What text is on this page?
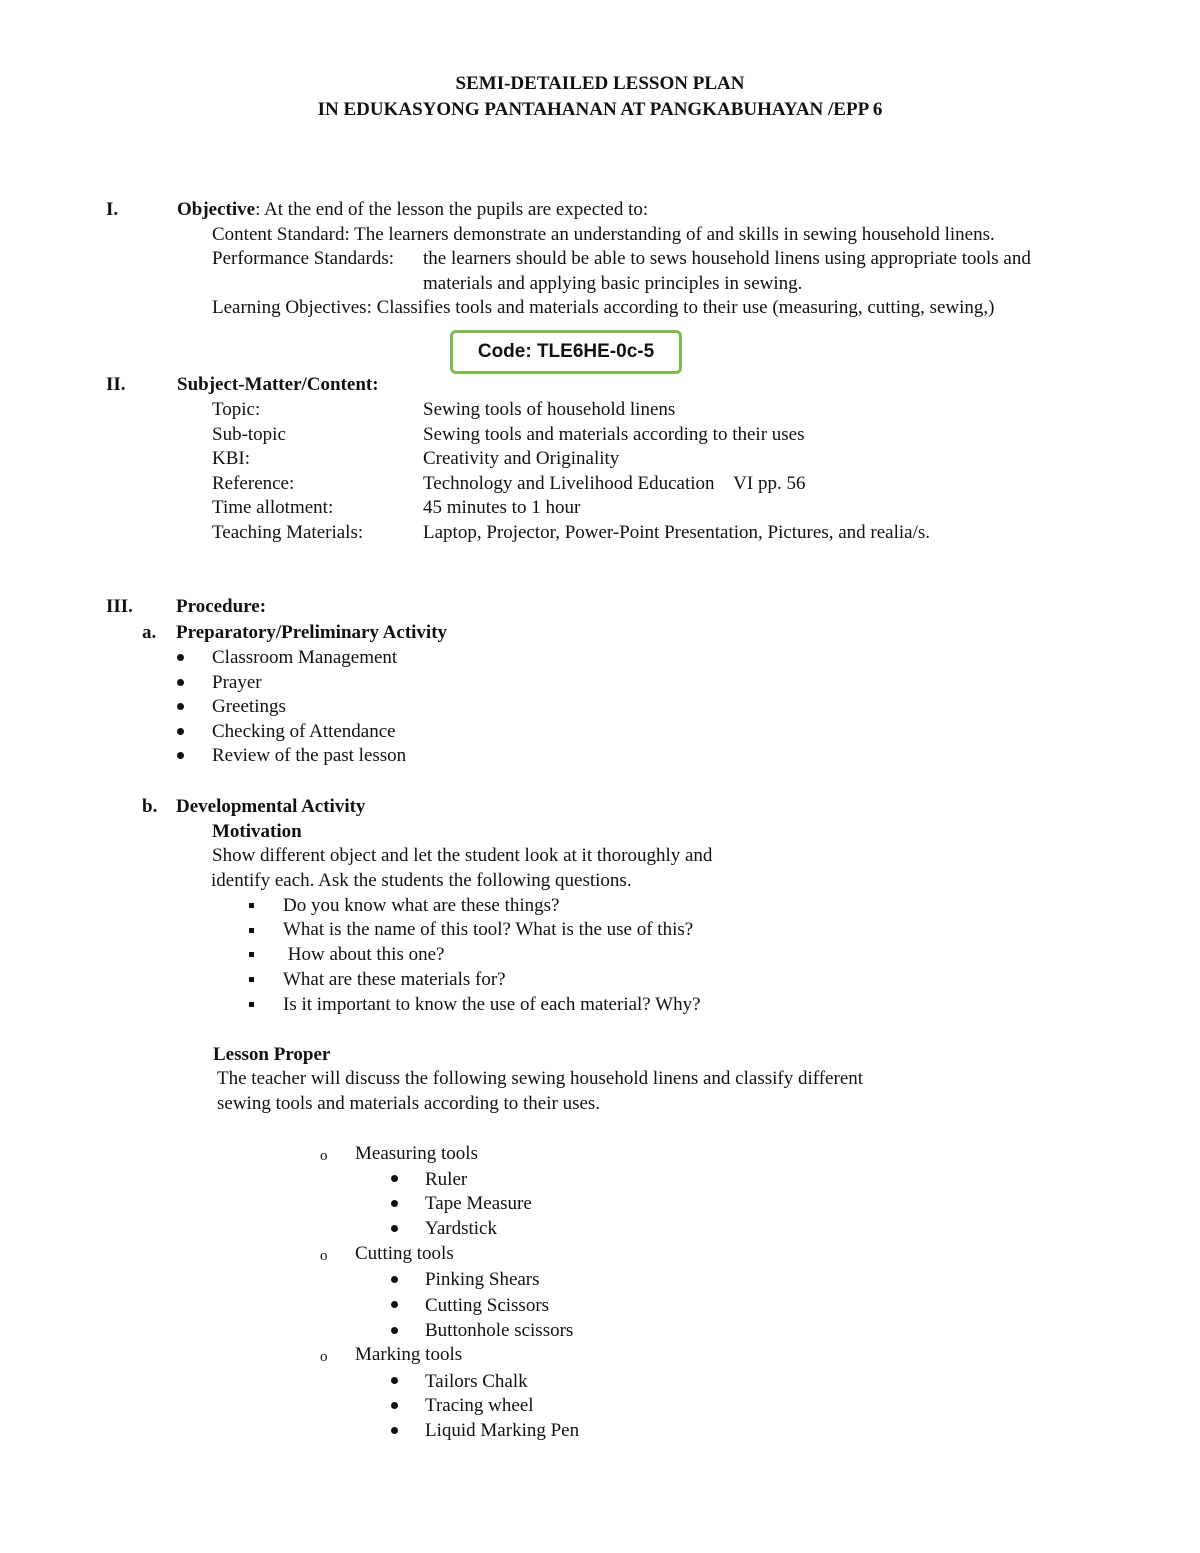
SEMI-DETAILED LESSON PLAN
IN EDUKASYONG PANTAHANAN AT PANGKABUHAYAN /EPP 6
I.	Objective: At the end of the lesson the pupils are expected to:
Content Standard: The learners demonstrate an understanding of and skills in sewing household linens.
Performance Standards: the learners should be able to sews household linens using appropriate tools and
materials and applying basic principles in sewing.
Learning Objectives: Classifies tools and materials according to their use (measuring, cutting, sewing,)
Code: TLE6HE-0c-5
II.	Subject-Matter/Content:
Topic:	Sewing tools of household linens
Sub-topic	Sewing tools and materials according to their uses
KBI:	Creativity and Originality
Reference:	Technology and Livelihood Education    VI pp. 56
Time allotment:	45 minutes to 1 hour
Teaching Materials:	Laptop, Projector, Power-Point Presentation, Pictures, and realia/s.
III. Procedure:
a. Preparatory/Preliminary Activity
Classroom Management
Prayer
Greetings
Checking of Attendance
Review of the past lesson
b. Developmental Activity
Motivation
Show different object and let the student look at it thoroughly and
identify each. Ask the students the following questions.
Do you know what are these things?
What is the name of this tool? What is the use of this?
How about this one?
What are these materials for?
Is it important to know the use of each material? Why?
Lesson Proper
The teacher will discuss the following sewing household linens and classify different
sewing tools and materials according to their uses.
o Measuring tools
Ruler
Tape Measure
Yardstick
o Cutting tools
Pinking Shears
Cutting Scissors
Buttonhole scissors
o Marking tools
Tailors Chalk
Tracing wheel
Liquid Marking Pen
